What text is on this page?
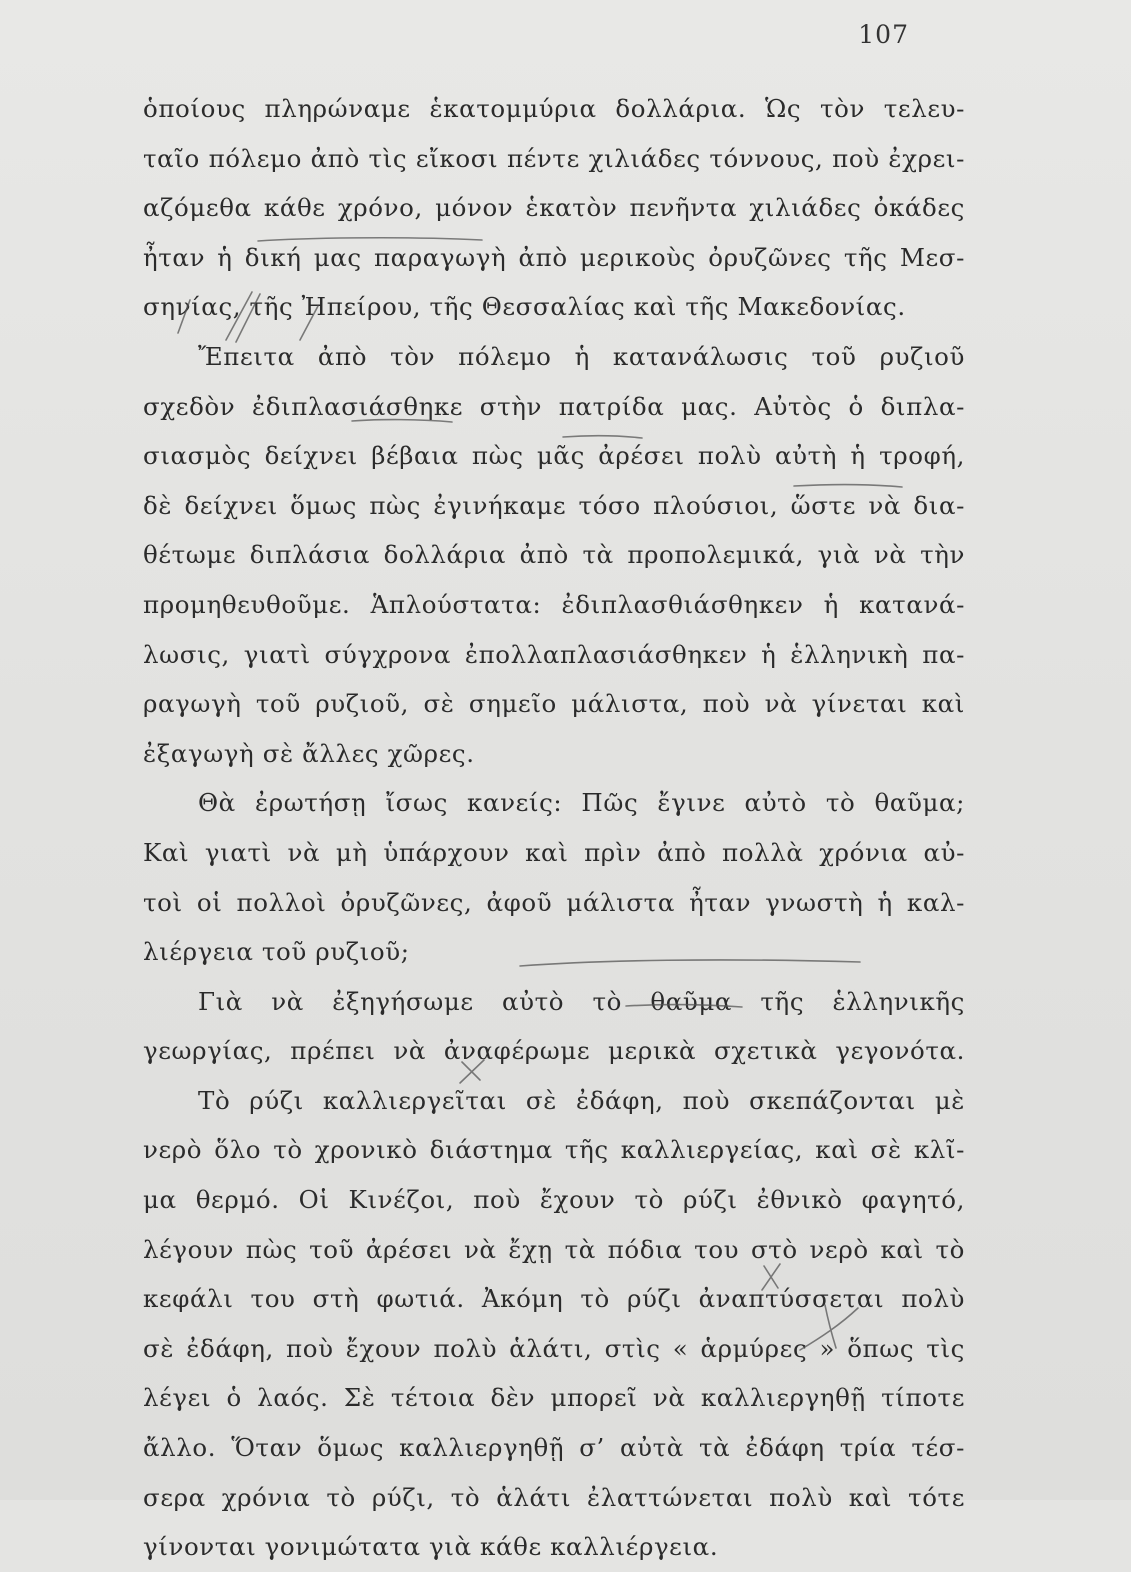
107
ὁποίους πληρώναμε ἑκατομμύρια δολλάρια. Ὡς τὸν τελευ-
ταῖο πόλεμο ἀπὸ τὶς εἴκοσι πέντε χιλιάδες τόννους, ποὺ ἐχρει-
αζόμεθα κάθε χρόνο, μόνον ἑκατὸν πενῆντα χιλιάδες ὀκάδες
ἦταν ἡ δική μας παραγωγὴ ἀπὸ μερικοὺς ὀρυζῶνες τῆς Μεσ-
σηνίας, τῆς Ἠπείρου, τῆς Θεσσαλίας καὶ τῆς Μακεδονίας.
Ἔπειτα ἀπὸ τὸν πόλεμο ἡ κατανάλωσις τοῦ ρυζιοῦ
σχεδὸν ἐδιπλασιάσθηκε στὴν πατρίδα μας. Αὐτὸς ὁ διπλα-
σιασμὸς δείχνει βέβαια πὼς μᾶς ἀρέσει πολὺ αὐτὴ ἡ τροφή,
δὲ δείχνει ὅμως πὼς ἐγινήκαμε τόσο πλούσιοι, ὥστε νὰ δια-
θέτωμε διπλάσια δολλάρια ἀπὸ τὰ προπολεμικά, γιὰ νὰ τὴν
προμηθευθοῦμε. Ἁπλούστατα: ἐδιπλασθιάσθηκεν ἡ κατανά-
λωσις, γιατὶ σύγχρονα ἐπολλαπλασιάσθηκεν ἡ ἑλληνικὴ πα-
ραγωγὴ τοῦ ρυζιοῦ, σὲ σημεῖο μάλιστα, ποὺ νὰ γίνεται καὶ
ἐξαγωγὴ σὲ ἄλλες χῶρες.
Θὰ ἐρωτήσῃ ἴσως κανείς: Πῶς ἔγινε αὐτὸ τὸ θαῦμα;
Καὶ γιατὶ νὰ μὴ ὑπάρχουν καὶ πρὶν ἀπὸ πολλὰ χρόνια αὐ-
τοὶ οἱ πολλοὶ ὀρυζῶνες, ἀφοῦ μάλιστα ἦταν γνωστὴ ἡ καλ-
λιέργεια τοῦ ρυζιοῦ;
Γιὰ νὰ ἐξηγήσωμε αὐτὸ τὸ θαῦμα τῆς ἑλληνικῆς
γεωργίας, πρέπει νὰ ἀναφέρωμε μερικὰ σχετικὰ γεγονότα.
Τὸ ρύζι καλλιεργεῖται σὲ ἐδάφη, ποὺ σκεπάζονται μὲ
νερὸ ὅλο τὸ χρονικὸ διάστημα τῆς καλλιεργείας, καὶ σὲ κλῖ-
μα θερμό. Οἱ Κινέζοι, ποὺ ἔχουν τὸ ρύζι ἐθνικὸ φαγητό,
λέγουν πὼς τοῦ ἀρέσει νὰ ἔχῃ τὰ πόδια του στὸ νερὸ καὶ τὸ
κεφάλι του στὴ φωτιά. Ἀκόμη τὸ ρύζι ἀναπτύσσεται πολὺ
σὲ ἐδάφη, ποὺ ἔχουν πολὺ ἁλάτι, στὶς « ἁρμύρες » ὅπως τὶς
λέγει ὁ λαός. Σὲ τέτοια δὲν μπορεῖ νὰ καλλιεργηθῇ τίποτε
ἄλλο. Ὅταν ὅμως καλλιεργηθῇ σ’ αὐτὰ τὰ ἐδάφη τρία τέσ-
σερα χρόνια τὸ ρύζι, τὸ ἁλάτι ἐλαττώνεται πολὺ καὶ τότε
γίνονται γονιμώτατα γιὰ κάθε καλλιέργεια.
